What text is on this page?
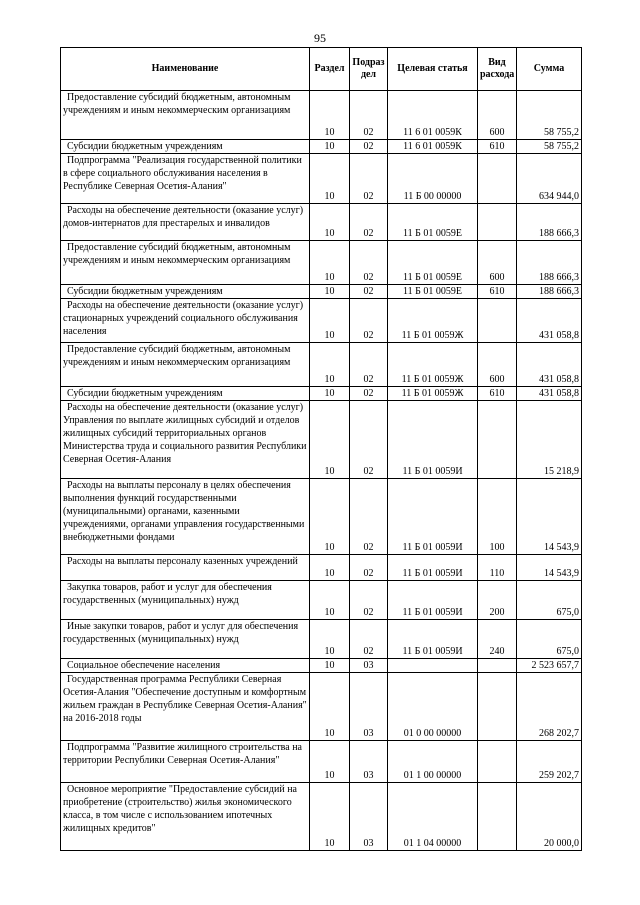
95
Наименование	Раздел	Подраз дел	Целевая статья	Вид расхода	Сумма

Предоставление субсидий бюджетным, автономным учреждениям и иным некоммерческим организациям	10	02	11 6 01 0059К	600	58 755,2

Субсидии бюджетным учреждениям	10	02	11 6 01 0059К	610	58 755,2

Подпрограмма "Реализация государственной политики в сфере социального обслуживания населения в Республике Северная Осетия-Алания"	10	02	11 Б 00 00000		634 944,0

Расходы на обеспечение деятельности (оказание услуг) домов-интернатов для престарелых и инвалидов	10	02	11 Б 01 0059Е		188 666,3

Предоставление субсидий бюджетным, автономным учреждениям и иным некоммерческим организациям	10	02	11 Б 01 0059Е	600	188 666,3

Субсидии бюджетным учреждениям	10	02	11 Б 01 0059Е	610	188 666,3

Расходы на обеспечение деятельности (оказание услуг) стационарных учреждений социального обслуживания населения	10	02	11 Б 01 0059Ж		431 058,8

Предоставление субсидий бюджетным, автономным учреждениям и иным некоммерческим организациям	10	02	11 Б 01 0059Ж	600	431 058,8

Субсидии бюджетным учреждениям	10	02	11 Б 01 0059Ж	610	431 058,8

Расходы на обеспечение деятельности (оказание услуг) Управления по выплате жилищных субсидий и отделов жилищных субсидий территориальных органов Министерства труда и социального развития Республики Северная Осетия-Алания	10	02	11 Б 01 0059И		15 218,9

Расходы на выплаты персоналу в целях обеспечения выполнения функций государственными (муниципальными) органами, казенными учреждениями, органами управления государственными внебюджетными фондами	10	02	11 Б 01 0059И	100	14 543,9

Расходы на выплаты персоналу казенных учреждений	10	02	11 Б 01 0059И	110	14 543,9

Закупка товаров, работ и услуг для обеспечения государственных (муниципальных) нужд	10	02	11 Б 01 0059И	200	675,0

Иные закупки товаров, работ и услуг для обеспечения государственных (муниципальных) нужд	10	02	11 Б 01 0059И	240	675,0

Социальное обеспечение населения	10	03			2 523 657,7

Государственная программа Республики Северная Осетия-Алания "Обеспечение доступным и комфортным жильем граждан в Республике Северная Осетия-Алания" на 2016-2018 годы	10	03	01 0 00 00000		268 202,7

Подпрограмма "Развитие жилищного строительства на территории Республики Северная Осетия-Алания"	10	03	01 1 00 00000		259 202,7

Основное мероприятие "Предоставление субсидий на приобретение (строительство) жилья экономического класса, в том числе с использованием ипотечных жилищных кредитов"	10	03	01 1 04 00000		20 000,0
